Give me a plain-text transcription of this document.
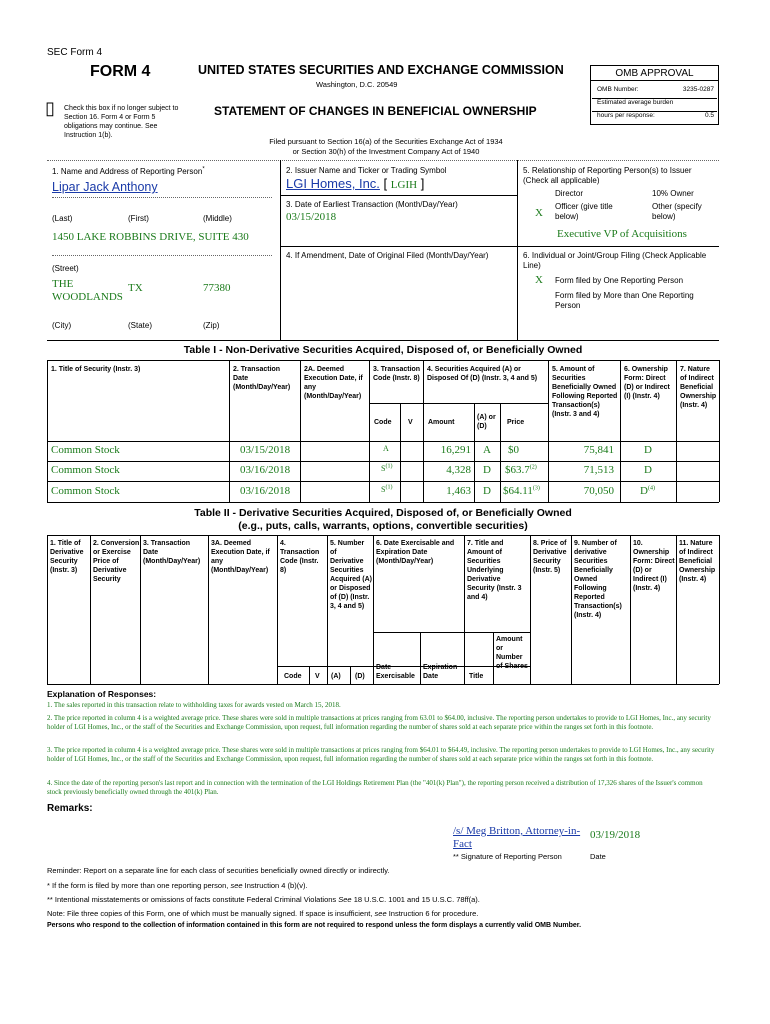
SEC Form 4
FORM 4	UNITED STATES SECURITIES AND EXCHANGE COMMISSION
Washington, D.C. 20549
▯ Check this box if no longer subject to Section 16. Form 4 or Form 5 obligations may continue. See Instruction 1(b).
STATEMENT OF CHANGES IN BENEFICIAL OWNERSHIP
Filed pursuant to Section 16(a) of the Securities Exchange Act of 1934
or Section 30(h) of the Investment Company Act of 1940
OMB APPROVAL
OMB Number:	3235-0287
Estimated average burden
hours per response:	0.5
1. Name and Address of Reporting Person*
Lipar Jack Anthony
(Last)	(First)	(Middle)
1450 LAKE ROBBINS DRIVE, SUITE 430
(Street)
THE WOODLANDS
TX	77380
(City)	(State)	(Zip)
2. Issuer Name and Ticker or Trading Symbol
LGI Homes, Inc. [ LGIH ]
3. Date of Earliest Transaction (Month/Day/Year)
03/15/2018
4. If Amendment, Date of Original Filed (Month/Day/Year)
5. Relationship of Reporting Person(s) to Issuer
(Check all applicable)
Director	10% Owner
X
Officer (give title below)
Other (specify below)
Executive VP of Acquisitions
6. Individual or Joint/Group Filing (Check Applicable Line)
X Form filed by One Reporting Person
Form filed by More than One Reporting Person
Table I - Non-Derivative Securities Acquired, Disposed of, or Beneficially Owned
1. Title of Security (Instr. 3)	2. Transaction Date (Month/Day/Year)
2A. Deemed Execution Date, if any (Month/Day/Year)
3. Transaction Code (Instr. 8)
4. Securities Acquired (A) or Disposed Of (D) (Instr. 3, 4 and 5)
5. Amount of Securities Beneficially Owned Following Reported Transaction(s) (Instr. 3 and 4)
6. Ownership Form: Direct (D) or Indirect (I) (Instr. 4)
7. Nature of Indirect Beneficial Ownership (Instr. 4)
Code V Amount
(A) or (D)
Price
Common Stock	03/15/2018	A	16,291 A $0	75,841	D
Common Stock	03/16/2018	$S^{(1)}$	4,328 D $63.7$^{(2)}$	71,513	D
Common Stock	03/16/2018	$S^{(1)}$	1,463 D $64.11$^{(3)}$	70,050 $D^{(4)}$
Table II - Derivative Securities Acquired, Disposed of, or Beneficially Owned
(e.g., puts, calls, warrants, options, convertible securities)
1. Title of Derivative Security (Instr. 3)
2. Conversion or Exercise Price of Derivative Security
3. Transaction Date (Month/Day/Year)
3A. Deemed Execution Date, if any (Month/Day/Year)
4. Transaction Code (Instr. 8)
5. Number of Derivative Securities Acquired (A) or Disposed of (D) (Instr. 3, 4 and 5)
6. Date Exercisable and Expiration Date (Month/Day/Year)
7. Title and Amount of Securities Underlying Derivative Security (Instr. 3 and 4)
8. Price of Derivative Security (Instr. 5)
9. Number of derivative Securities Beneficially Owned Following Reported Transaction(s) (Instr. 4)
10. Ownership Form: Direct (D) or Indirect (I) (Instr. 4)
11. Nature of Indirect Beneficial Ownership (Instr. 4)
Code V (A) (D)
Date Exercisable
Expiration Date	Title
Amount or Number of Shares
Explanation of Responses:
1. The sales reported in this transaction relate to withholding taxes for awards vested on March 15, 2018.
2. The price reported in column 4 is a weighted average price. These shares were sold in multiple transactions at prices ranging from 63.01 to $64.00, inclusive. The reporting person undertakes to provide to LGI Homes, Inc., any security holder of LGI Homes, Inc., or the staff of the Securities and Exchange Commission, upon request, full information regarding the number of shares sold at each separate price within the ranges set forth in this footnote.
3. The price reported in column 4 is a weighted average price. These shares were sold in multiple transactions at prices ranging from $64.01 to $64.49, inclusive. The reporting person undertakes to provide to LGI Homes, Inc., any security holder of LGI Homes, Inc., or the staff of the Securities and Exchange Commission, upon request, full information regarding the number of shares sold at each separate price within the ranges set forth in this footnote.
4. Since the date of the reporting person's last report and in connection with the termination of the LGI Holdings Retirement Plan (the "401(k) Plan"), the reporting person received a distribution of 17,326 shares of the Issuer's common stock previously beneficially owned through the 401(k) Plan.
Remarks:
/s/ Meg Britton, Attorney-in-Fact
03/19/2018
** Signature of Reporting Person	Date
Reminder: Report on a separate line for each class of securities beneficially owned directly or indirectly.
* If the form is filed by more than one reporting person, see Instruction 4 (b)(v).
** Intentional misstatements or omissions of facts constitute Federal Criminal Violations See 18 U.S.C. 1001 and 15 U.S.C. 78ff(a).
Note: File three copies of this Form, one of which must be manually signed. If space is insufficient, see Instruction 6 for procedure.
Persons who respond to the collection of information contained in this form are not required to respond unless the form displays a currently valid OMB Number.
